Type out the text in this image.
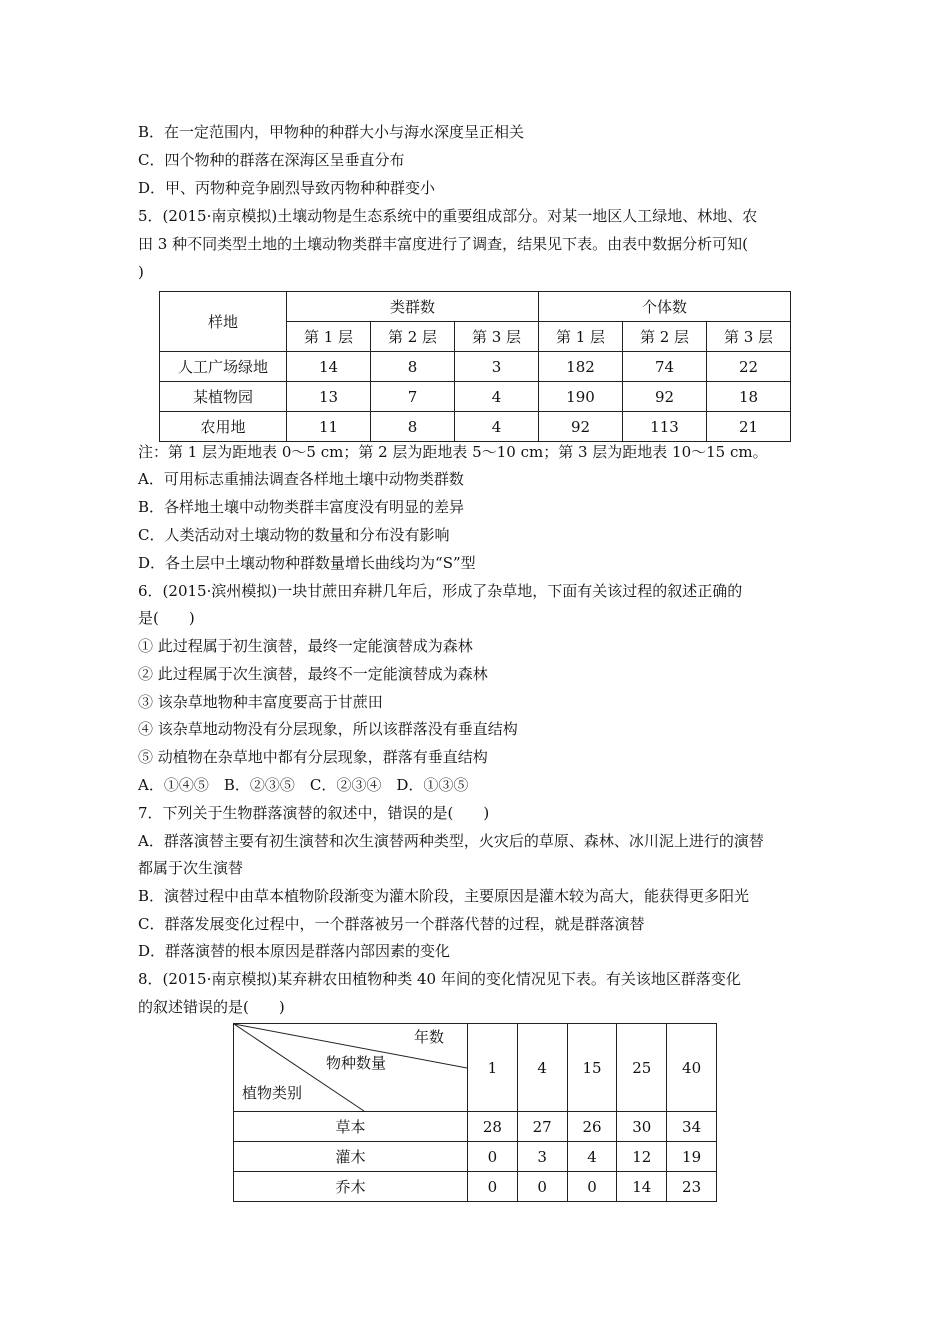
B．在一定范围内，甲物种的种群大小与海水深度呈正相关
C．四个物种的群落在深海区呈垂直分布
D．甲、丙物种竞争剧烈导致丙物种种群变小
5．(2015·南京模拟)土壤动物是生态系统中的重要组成部分。对某一地区人工绿地、林地、农
田 3 种不同类型土地的土壤动物类群丰富度进行了调查，结果见下表。由表中数据分析可知(
)
样地	类群数			个体数		
	第 1 层	第 2 层	第 3 层	第 1 层	第 2 层	第 3 层
人工广场绿地	14	8	3	182	74	22
某植物园	13	7	4	190	92	18
农用地	11	8	4	92	113	21
注：第 1 层为距地表 0～5 cm；第 2 层为距地表 5～10 cm；第 3 层为距地表 10～15 cm。
A．可用标志重捕法调查各样地土壤中动物类群数
B．各样地土壤中动物类群丰富度没有明显的差异
C．人类活动对土壤动物的数量和分布没有影响
D．各土层中土壤动物种群数量增长曲线均为“S”型
6．(2015·滨州模拟)一块甘蔗田弃耕几年后，形成了杂草地，下面有关该过程的叙述正确的
是(　　)
① 此过程属于初生演替，最终一定能演替成为森林
② 此过程属于次生演替，最终不一定能演替成为森林
③ 该杂草地物种丰富度要高于甘蔗田
④ 该杂草地动物没有分层现象，所以该群落没有垂直结构
⑤ 动植物在杂草地中都有分层现象，群落有垂直结构
A．①④⑤　B．②③⑤　C．②③④　D．①③⑤
7．下列关于生物群落演替的叙述中，错误的是(　　)
A．群落演替主要有初生演替和次生演替两种类型，火灾后的草原、森林、冰川泥上进行的演替
都属于次生演替
B．演替过程中由草本植物阶段渐变为灌木阶段，主要原因是灌木较为高大，能获得更多阳光
C．群落发展变化过程中，一个群落被另一个群落代替的过程，就是群落演替
D．群落演替的根本原因是群落内部因素的变化
8．(2015·南京模拟)某弃耕农田植物种类 40 年间的变化情况见下表。有关该地区群落变化
的叙述错误的是(　　)
年数
物种数量
植物类别	1	4	15	25	40
草本	28	27	26	30	34
灌木	0	3	4	12	19
乔木	0	0	0	14	23
